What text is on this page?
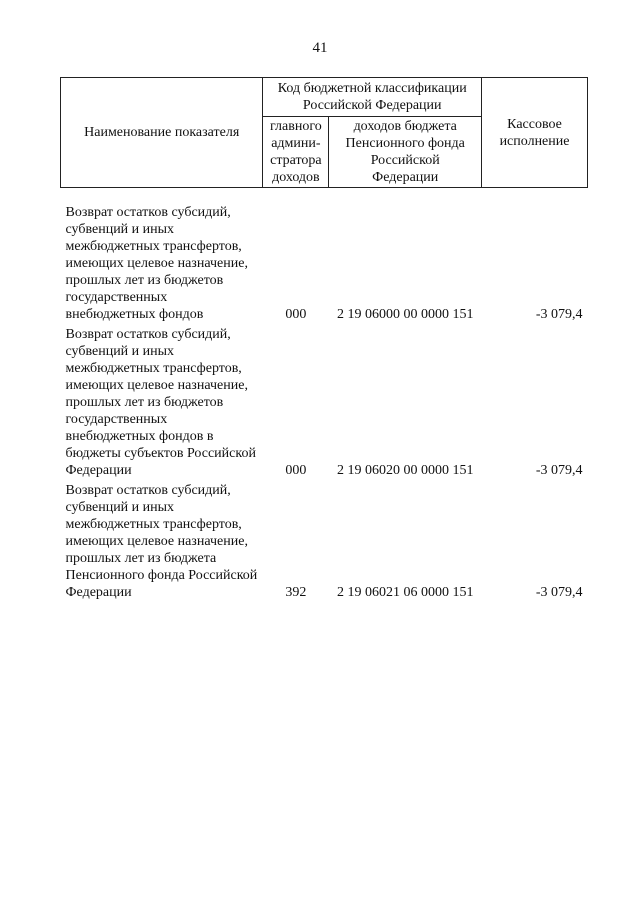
41
Наименование показателя	Код бюджетной классификации Российской Федерации		Кассовое исполнение
	главного админи-стратора доходов	доходов бюджета Пенсионного фонда Российской Федерации	

Возврат остатков субсидий, субвенций и иных межбюджетных трансфертов, имеющих целевое назначение, прошлых лет из бюджетов государственных внебюджетных фондов	000	2 19 06000 00 0000 151	-3 079,4

Возврат остатков субсидий, субвенций и иных межбюджетных трансфертов, имеющих целевое назначение, прошлых лет из бюджетов государственных внебюджетных фондов в бюджеты субъектов Российской Федерации	000	2 19 06020 00 0000 151	-3 079,4

Возврат остатков субсидий, субвенций и иных межбюджетных трансфертов, имеющих целевое назначение, прошлых лет из бюджета Пенсионного фонда Российской Федерации	392	2 19 06021 06 0000 151	-3 079,4
